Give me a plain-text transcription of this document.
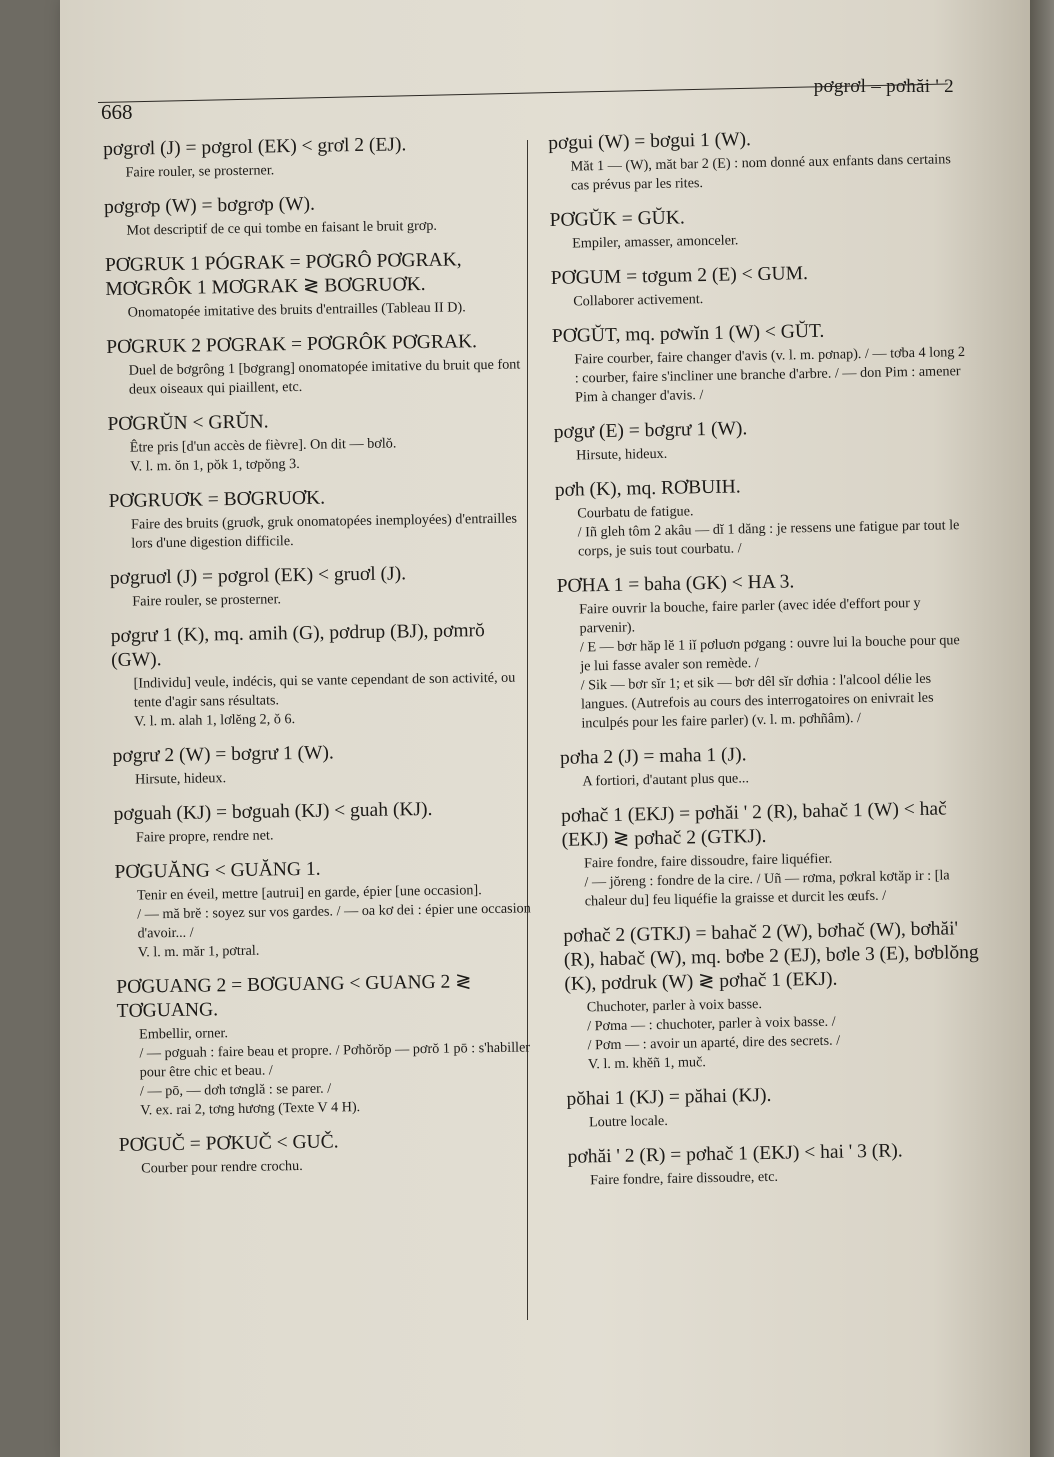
pơgrơl – pơhăi ' 2
668

pơgrơl (J) = pơgrol (EK) < grơl 2 (EJ).

Faire rouler, se prosterner.

pơgrơp (W) = bơgrơp (W).

Mot descriptif de ce qui tombe en faisant le bruit grơp.

PƠGRUK 1 PÓGRAK = PƠGRÔ PƠGRAK, MƠGRÔK 1 MƠGRAK ≷ BƠGRUƠK.

Onomatopée imitative des bruits d'entrailles (Tableau II D).

PƠGRUK 2 PƠGRAK = PƠGRÔK PƠGRAK.

Duel de bơgrông 1 [bơgrang] onomatopée imitative du bruit que font deux oiseaux qui piaillent, etc.

PƠGRŬN < GRŬN.

Être pris [d'un accès de fièvre]. On dit — bơlŏ.

V. l. m. ŏn 1, pŏk 1, tơpŏng 3.

PƠGRUƠK = BƠGRUƠK.

Faire des bruits (gruơk, gruk onomatopées inemployées) d'entrailles lors d'une digestion difficile.

pơgruơl (J) = pơgrol (EK) < gruơl (J).

Faire rouler, se prosterner.

pơgrư 1 (K), mq. amih (G), pơdrup (BJ), pơmrŏ (GW).

[Individu] veule, indécis, qui se vante cependant de son activité, ou tente d'agir sans résultats.

V. l. m. alah 1, lơlĕng 2, ŏ 6.

pơgrư 2 (W) = bơgrư 1 (W).

Hirsute, hideux.

pơguah (KJ) = bơguah (KJ) < guah (KJ).

Faire propre, rendre net.

PƠGUĂNG < GUĂNG 1.

Tenir en éveil, mettre [autrui] en garde, épier [une occasion].

/ — mă brĕ : soyez sur vos gardes. / — oa kơ dei : épier une occasion d'avoir... /

V. l. m. măr 1, pơtral.

PƠGUANG 2 = BƠGUANG < GUANG 2 ≷ TƠGUANG.

Embellir, orner.

/ — pơguah : faire beau et propre. / Pơhŏrŏp — pơrŏ 1 pō : s'habiller pour être chic et beau. /

/ — pō, — dơh tơnglă : se parer. /

V. ex. rai 2, tơng hương (Texte V 4 H).

PƠGUČ = PƠKUČ < GUČ.

Courber pour rendre crochu.

pơgui (W) = bơgui 1 (W).

Măt 1 — (W), măt bar 2 (E) : nom donné aux enfants dans certains cas prévus par les rites.

PƠGŬK = GŬK.

Empiler, amasser, amonceler.

PƠGUM = tơgum 2 (E) < GUM.

Collaborer activement.

PƠGŬT, mq. pơwĭn 1 (W) < GŬT.

Faire courber, faire changer d'avis (v. l. m. pơnap). / — tơba 4 long 2 : courber, faire s'incliner une branche d'arbre. / — don Pim : amener Pim à changer d'avis. /

pơgư (E) = bơgrư 1 (W).

Hirsute, hideux.

pơh (K), mq. RƠBUIH.

Courbatu de fatigue.

/ Iñ gleh tôm 2 akâu — dĭ 1 dăng : je ressens une fatigue par tout le corps, je suis tout courbatu. /

PƠHA 1 = baha (GK) < HA 3.

Faire ouvrir la bouche, faire parler (avec idée d'effort pour y parvenir).

/ E — bơr hăp lĕ 1 iĭ pơluơn pơgang : ouvre lui la bouche pour que je lui fasse avaler son remède. /

/ Sik — bơr sĭr 1; et sik — bơr dêl sĭr dơhia : l'alcool délie les langues. (Autrefois au cours des interrogatoires on enivrait les inculpés pour les faire parler) (v. l. m. pơhñâm). /

pơha 2 (J) = maha 1 (J).

A fortiori, d'autant plus que...

pơhač 1 (EKJ) = pơhăi ' 2 (R), bahač 1 (W) < hač (EKJ) ≷ pơhač 2 (GTKJ).

Faire fondre, faire dissoudre, faire liquéfier.

/ — jŏreng : fondre de la cire. / Uñ — rơma, pơkral kơtăp ir : [la chaleur du] feu liquéfie la graisse et durcit les œufs. /

pơhač 2 (GTKJ) = bahač 2 (W), bơhač (W), bơhăi' (R), habač (W), mq. bơbe 2 (EJ), bơle 3 (E), bơblŏng (K), pơdruk (W) ≷ pơhač 1 (EKJ).

Chuchoter, parler à voix basse.

/ Pơma — : chuchoter, parler à voix basse. /

/ Pơm — : avoir un aparté, dire des secrets. /

V. l. m. khĕñ 1, muč.

pŏhai 1 (KJ) = păhai (KJ).

Loutre locale.

pơhăi ' 2 (R) = pơhač 1 (EKJ) < hai ' 3 (R).

Faire fondre, faire dissoudre, etc.
